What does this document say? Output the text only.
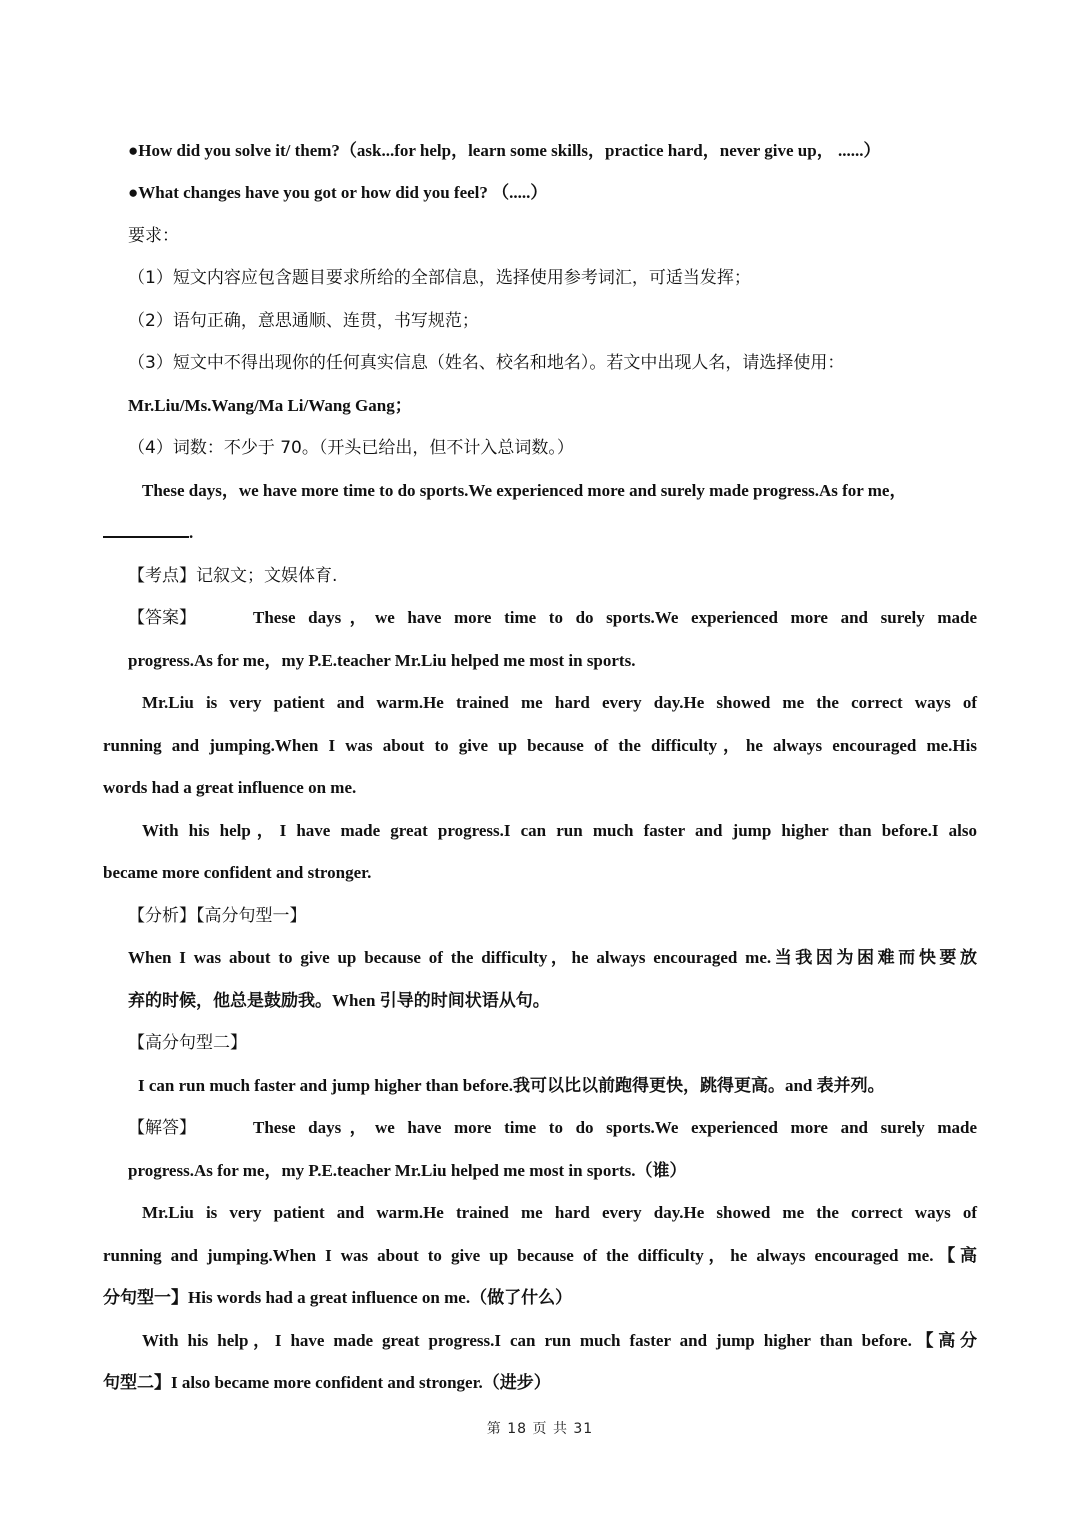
●How did you solve it/ them?（ask...for help，learn some skills，practice hard，never give up， ......）
●What changes have you got or how did you feel? （.....）
要求：
（1）短文内容应包含题目要求所给的全部信息，选择使用参考词汇，可适当发挥；
（2）语句正确，意思通顺、连贯，书写规范；
（3）短文中不得出现你的任何真实信息（姓名、校名和地名）。若文中出现人名，请选择使用：
Mr.Liu/Ms.Wang/Ma Li/Wang Gang；
（4）词数：不少于 70。（开头已给出，但不计入总词数。）
These days，we have more time to do sports.We experienced more and surely made progress.As for me，
.
【考点】记叙文；文娱体育.
【答案】	These days，we have more time to do sports.We experienced more and surely made
progress.As for me，my P.E.teacher Mr.Liu helped me most in sports.
Mr.Liu is very patient and warm.He trained me hard every day.He showed me the correct ways of
running and jumping.When I was about to give up because of the difficulty，he always encouraged me.His
words had a great influence on me.
With his help，I have made great progress.I can run much faster and jump higher than before.I also
became more confident and stronger.
【分析】【高分句型一】
When I was about to give up because of the difficulty，he always encouraged me.当我因为困难而快要放
弃的时候，他总是鼓励我。When 引导的时间状语从句。
【高分句型二】
I can run much faster and jump higher than before.我可以比以前跑得更快，跳得更高。and 表并列。
【解答】	These days，we have more time to do sports.We experienced more and surely made
progress.As for me，my P.E.teacher Mr.Liu helped me most in sports.（谁）
Mr.Liu is very patient and warm.He trained me hard every day.He showed me the correct ways of
running and jumping.When I was about to give up because of the difficulty，he always encouraged me.【高
分句型一】His words had a great influence on me.（做了什么）
With his help，I have made great progress.I can run much faster and jump higher than before.【高分
句型二】I also became more confident and stronger.（进步）
第 18 页 共 31
